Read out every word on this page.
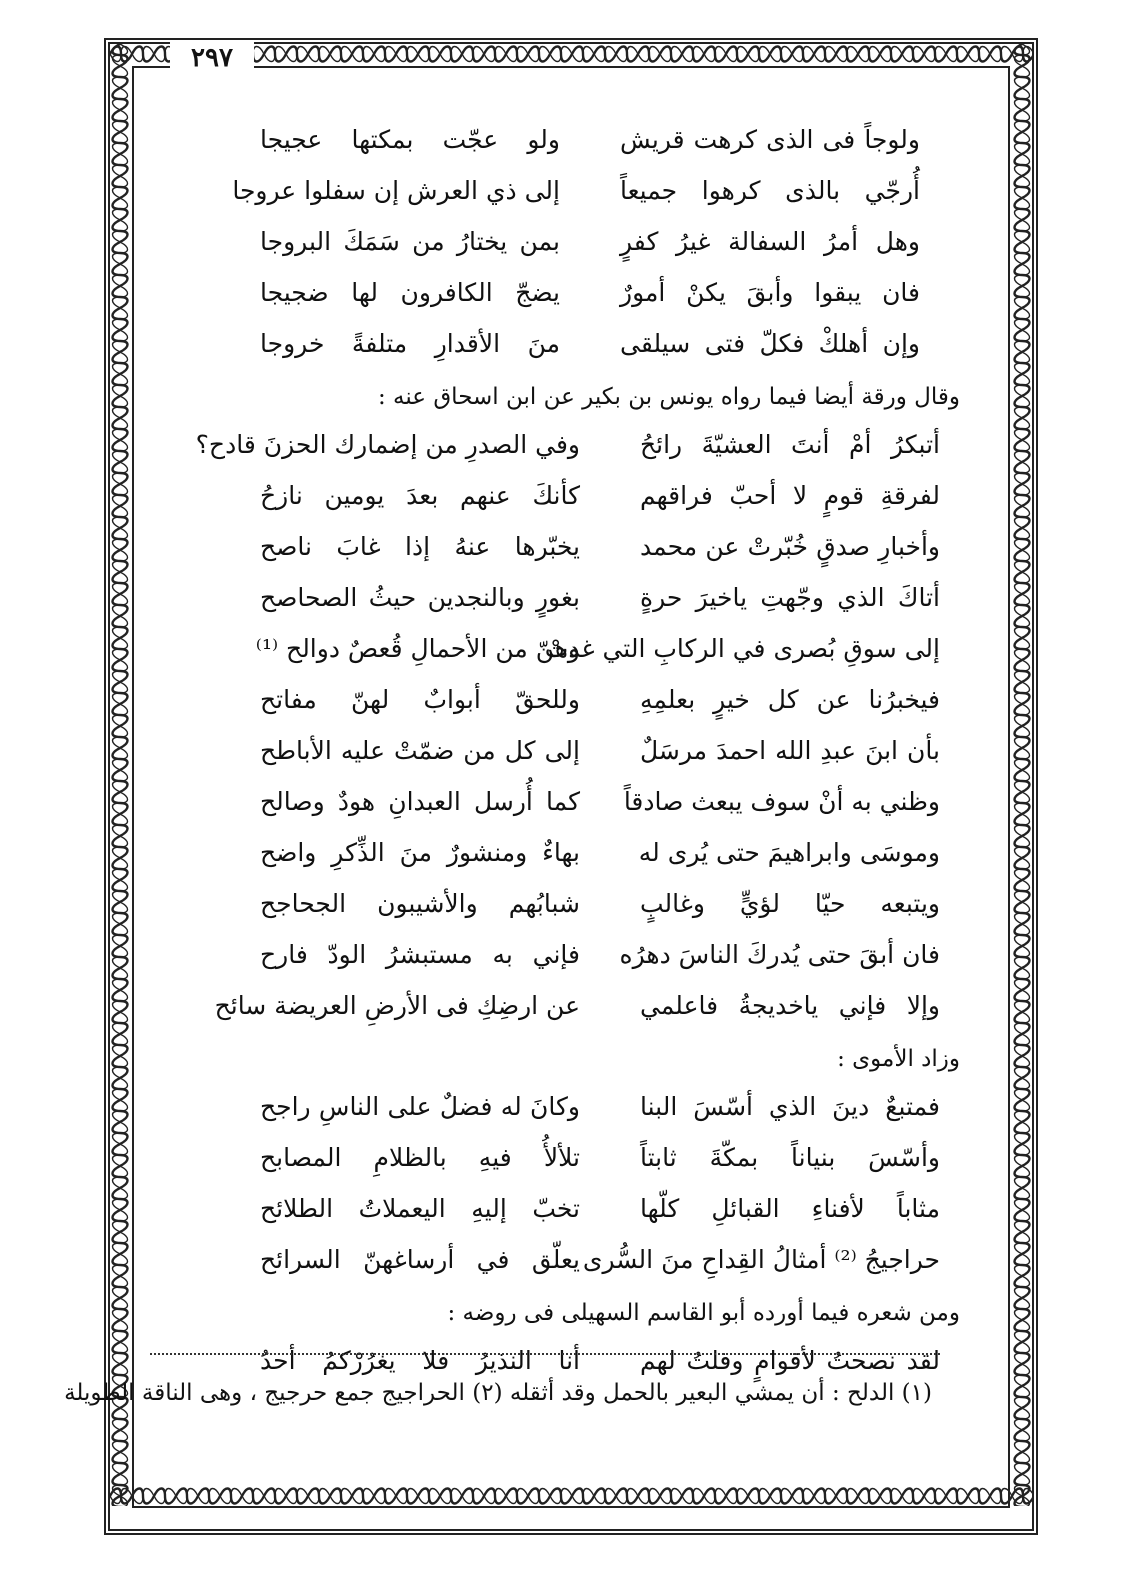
٢٩٧
ولوجاً فى الذى كرهت قريش
ولو عجّت بمكتها عجيجا
أُرجّي بالذى كرهوا جميعاً
إلى ذي العرش إن سفلوا عروجا
وهل أمرُ السفالة غيرُ كفرٍ
بمن يختارُ من سَمَكَ البروجا
فان يبقوا وأبقَ يكنْ أمورٌ
يضجّ الكافرون لها ضجيجا
وإن أهلكْ فكلّ فتى سيلقى
منَ الأقدارِ متلفةً خروجا
وقال ورقة أيضا فيما رواه يونس بن بكير عن ابن اسحاق عنه :
أتبكرُ أمْ أنتَ العشيّةَ رائحُ
وفي الصدرِ من إضمارك الحزنَ قادح؟
لفرقةِ قومٍ لا أحبّ فراقهم
كأنكَ عنهم بعدَ يومين نازحُ
وأخبارِ صدقٍ خُبّرتْ عن محمد
يخبّرها عنهُ إذا غابَ ناصح
أتاكَ الذي وجّهتِ ياخيرَ حرةٍ
بغورٍ وبالنجدين حيثُ الصحاصح
إلى سوقِ بُصرى في الركابِ التي غدتْ
وهنّ من الأحمالِ قُعصٌ دوالح ⁽¹⁾
فيخبرُنا عن كل خيرٍ بعلمِهِ
وللحقّ أبوابٌ لهنّ مفاتح
بأن ابنَ عبدِ الله احمدَ مرسَلٌ
إلى كل من ضمّتْ عليه الأباطح
وظني به أنْ سوف يبعث صادقاً
كما أُرسل العبدانِ هودٌ وصالح
وموسَى وابراهيمَ حتى يُرى له
بهاءٌ ومنشورٌ منَ الذِّكرِ واضح
ويتبعه حيّا لؤيٍّ وغالبٍ
شبابُهم والأشيبون الجحاجح
فان أبقَ حتى يُدركَ الناسَ دهرُه
فإني به مستبشرُ الودّ فارح
وإلا فإني ياخديجةُ فاعلمي
عن ارضِكِ فى الأرضِ العريضة سائح
وزاد الأموى :
فمتبعٌ دينَ الذي أسّسَ البنا
وكانَ له فضلٌ على الناسِ راجح
وأسّسَ بنياناً بمكّةَ ثابتاً
تلألأُ فيهِ بالظلامِ المصابح
مثاباً لأفناءِ القبائلِ كلّها
تخبّ إليهِ اليعملاتُ الطلائح
حراجيجُ ⁽²⁾ أمثالُ القِداحِ منَ السُّرى
يعلّق في أرساغهنّ السرائح
ومن شعره فيما أورده أبو القاسم السهيلى فى روضه :
لقد نصحتُ لأقوامٍ وقلتُ لهم
أنا النذيرُ فلا يغرُرْكمُ أحدُ
(١) الدلح : أن يمشي البعير بالحمل وقد أثقله (٢) الحراجيج جمع حرجيج ، وهى الناقة الطويلة
